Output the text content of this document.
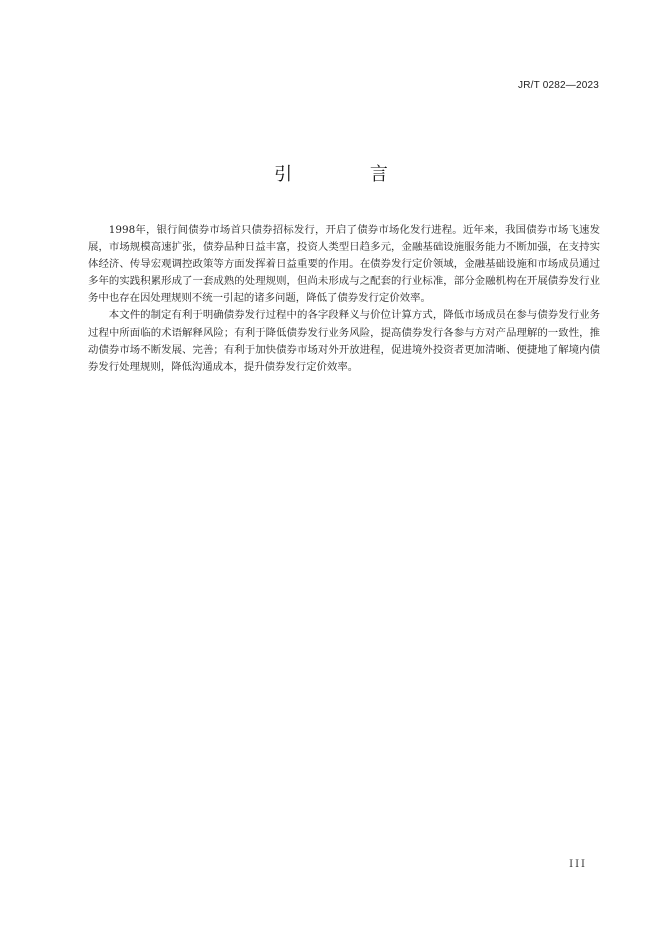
JR/T 0282—2023
引 言

1998年，银行间债券市场首只债券招标发行，开启了债券市场化发行进程。近年来，我国债券市场飞速发展，市场规模高速扩张，债券品种日益丰富，投资人类型日趋多元，金融基础设施服务能力不断加强，在支持实体经济、传导宏观调控政策等方面发挥着日益重要的作用。在债券发行定价领域，金融基础设施和市场成员通过多年的实践积累形成了一套成熟的处理规则，但尚未形成与之配套的行业标准，部分金融机构在开展债券发行业务中也存在因处理规则不统一引起的诸多问题，降低了债券发行定价效率。

本文件的制定有利于明确债券发行过程中的各字段释义与价位计算方式，降低市场成员在参与债券发行业务过程中所面临的术语解释风险；有利于降低债券发行业务风险，提高债券发行各参与方对产品理解的一致性，推动债券市场不断发展、完善；有利于加快债券市场对外开放进程，促进境外投资者更加清晰、便捷地了解境内债券发行处理规则，降低沟通成本，提升债券发行定价效率。

III
